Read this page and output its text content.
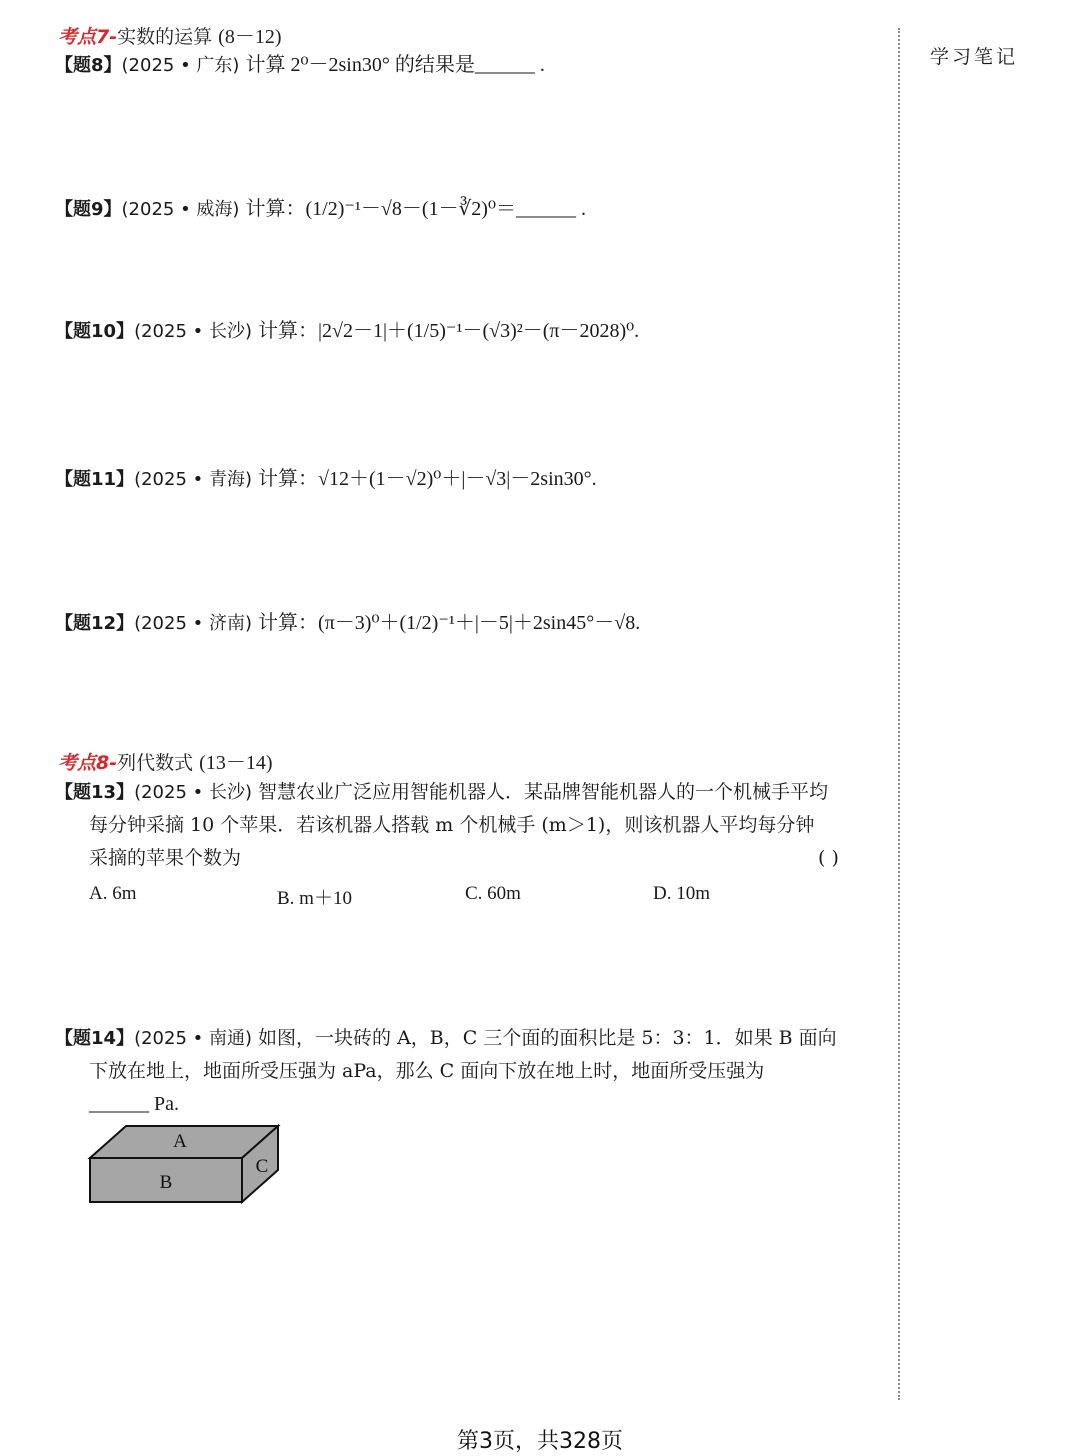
学习笔记
考点7-实数的运算 (8－12)
【题8】(2025 • 广东) 计算 2⁰－2sin30° 的结果是______ .
【题9】(2025 • 威海) 计算：(1/2)⁻¹－√8－(1－∛2)⁰＝______ .
【题10】(2025 • 长沙) 计算：|2√2－1|＋(1/5)⁻¹－(√3)²－(π－2028)⁰.
【题11】(2025 • 青海) 计算：√12＋(1－√2)⁰＋|－√3|－2sin30°.
【题12】(2025 • 济南) 计算：(π－3)⁰＋(1/2)⁻¹＋|－5|＋2sin45°－√8.
考点8-列代数式 (13－14)
【题13】(2025 • 长沙) 智慧农业广泛应用智能机器人．某品牌智能机器人的一个机械手平均
每分钟采摘 10 个苹果．若该机器人搭载 m 个机械手 (m＞1)，则该机器人平均每分钟
采摘的苹果个数为	( )
A. 6m	B. m＋10	C. 60m	D. 10m
【题14】(2025 • 南通) 如图，一块砖的 A，B，C 三个面的面积比是 5：3：1．如果 B 面向
下放在地上，地面所受压强为 aPa，那么 C 面向下放在地上时，地面所受压强为
______ Pa.
A
B
C
第3页，共328页
